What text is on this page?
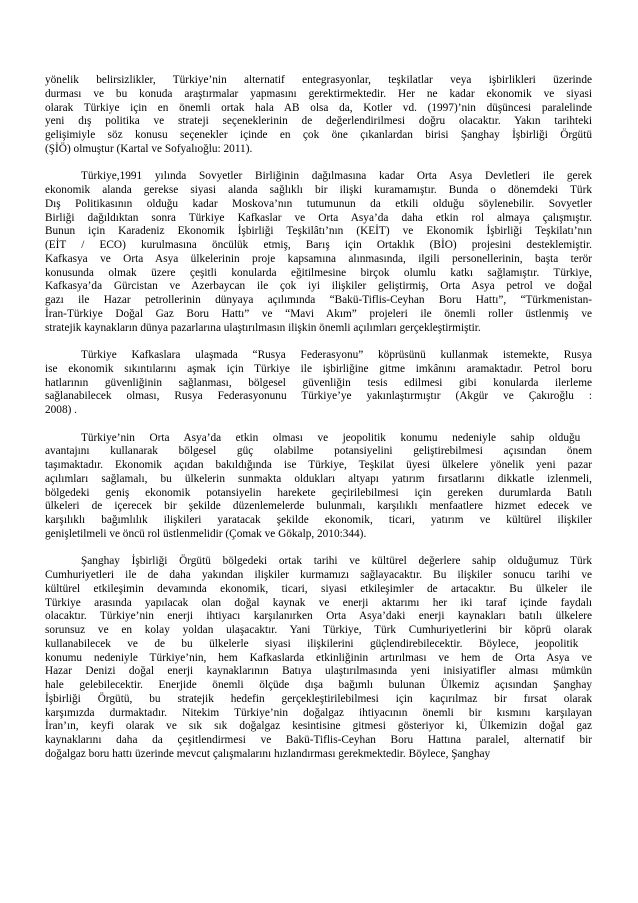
yönelik belirsizlikler, Türkiye’nin alternatif entegrasyonlar, teşkilatlar veya işbirlikleri üzerinde
durması ve bu konuda araştırmalar yapmasını gerektirmektedir. Her ne kadar ekonomik ve siyasi
olarak Türkiye için en önemli ortak hala AB olsa da, Kotler vd. (1997)’nin düşüncesi paralelinde
yeni dış politika ve strateji seçeneklerinin de değerlendirilmesi doğru olacaktır. Yakın tarihteki
gelişimiyle söz konusu seçenekler içinde en çok öne çıkanlardan birisi Şanghay İşbirliği Örgütü
(ŞİÖ) olmuştur (Kartal ve Sofyalıoğlu: 2011).
Türkiye,1991 yılında Sovyetler Birliğinin dağılmasına kadar Orta Asya Devletleri ile gerek
ekonomik alanda gerekse siyasi alanda sağlıklı bir ilişki kuramamıştır. Bunda o dönemdeki Türk
Dış Politikasının olduğu kadar Moskova’nın tutumunun da etkili olduğu söylenebilir. Sovyetler
Birliği dağıldıktan sonra Türkiye Kafkaslar ve Orta Asya’da daha etkin rol almaya çalışmıştır.
Bunun için Karadeniz Ekonomik İşbirliği Teşkilâtı’nın (KEİT) ve Ekonomik İşbirliği Teşkilatı’nın
(EİT / ECO) kurulmasına öncülük etmiş, Barış için Ortaklık (BİO) projesini desteklemiştir.
Kafkasya ve Orta Asya ülkelerinin proje kapsamına alınmasında, ilgili personellerinin, başta terör
konusunda olmak üzere çeşitli konularda eğitilmesine birçok olumlu katkı sağlamıştır. Türkiye,
Kafkasya’da Gürcistan ve Azerbaycan ile çok iyi ilişkiler geliştirmiş, Orta Asya petrol ve doğal
gazı ile Hazar petrollerinin dünyaya açılımında “Bakü-Tiflis-Ceyhan Boru Hattı”, “Türkmenistan-
İran-Türkiye Doğal Gaz Boru Hattı” ve “Mavi Akım” projeleri ile önemli roller üstlenmiş ve
stratejik kaynakların dünya pazarlarına ulaştırılmasın ilişkin önemli açılımları gerçekleştirmiştir.
Türkiye Kafkaslara ulaşmada “Rusya Federasyonu” köprüsünü kullanmak istemekte, Rusya
ise ekonomik sıkıntılarını aşmak için Türkiye ile işbirliğine gitme imkânını aramaktadır. Petrol boru
hatlarının güvenliğinin sağlanması, bölgesel güvenliğin tesis edilmesi gibi konularda ilerleme
sağlanabilecek olması, Rusya Federasyonunu Türkiye’ye yakınlaştırmıştır (Akgür ve Çakıroğlu :
2008) .
Türkiye’nin Orta Asya’da etkin olması ve jeopolitik konumu nedeniyle sahip olduğu
avantajını kullanarak bölgesel güç olabilme potansiyelini geliştirebilmesi açısından önem
taşımaktadır. Ekonomik açıdan bakıldığında ise Türkiye, Teşkilat üyesi ülkelere yönelik yeni pazar
açılımları sağlamalı, bu ülkelerin sunmakta oldukları altyapı yatırım fırsatlarını dikkatle izlenmeli,
bölgedeki geniş ekonomik potansiyelin harekete geçirilebilmesi için gereken durumlarda Batılı
ülkeleri de içerecek bir şekilde düzenlemelerde bulunmalı, karşılıklı menfaatlere hizmet edecek ve
karşılıklı bağımlılık ilişkileri yaratacak şekilde ekonomik, ticari, yatırım ve kültürel ilişkiler
genişletilmeli ve öncü rol üstlenmelidir (Çomak ve Gökalp, 2010:344).
Şanghay İşbirliği Örgütü bölgedeki ortak tarihi ve kültürel değerlere sahip olduğumuz Türk
Cumhuriyetleri ile de daha yakından ilişkiler kurmamızı sağlayacaktır. Bu ilişkiler sonucu tarihi ve
kültürel etkileşimin devamında ekonomik, ticari, siyasi etkileşimler de artacaktır. Bu ülkeler ile
Türkiye arasında yapılacak olan doğal kaynak ve enerji aktarımı her iki taraf içinde faydalı
olacaktır. Türkiye’nin enerji ihtiyacı karşılanırken Orta Asya’daki enerji kaynakları batılı ülkelere
sorunsuz ve en kolay yoldan ulaşacaktır. Yani Türkiye, Türk Cumhuriyetlerini bir köprü olarak
kullanabilecek ve de bu ülkelerle siyasi ilişkilerini güçlendirebilecektir. Böylece, jeopolitik
konumu nedeniyle Türkiye’nin, hem Kafkaslarda etkinliğinin artırılması ve hem de Orta Asya ve
Hazar Denizi doğal enerji kaynaklarının Batıya ulaştırılmasında yeni inisiyatifler alması mümkün
hale gelebilecektir. Enerjide önemli ölçüde dışa bağımlı bulunan Ülkemiz açısından Şanghay
İşbirliği Örgütü, bu stratejik hedefin gerçekleştirilebilmesi için kaçırılmaz bir fırsat olarak
karşımızda durmaktadır. Nitekim Türkiye’nin doğalgaz ihtiyacının önemli bir kısmını karşılayan
İran’ın, keyfi olarak ve sık sık doğalgaz kesintisine gitmesi gösteriyor ki, Ülkemizin doğal gaz
kaynaklarını daha da çeşitlendirmesi ve Bakü-Tiflis-Ceyhan Boru Hattına paralel, alternatif bir
doğalgaz boru hattı üzerinde mevcut çalışmalarını hızlandırması gerekmektedir. Böylece, Şanghay
